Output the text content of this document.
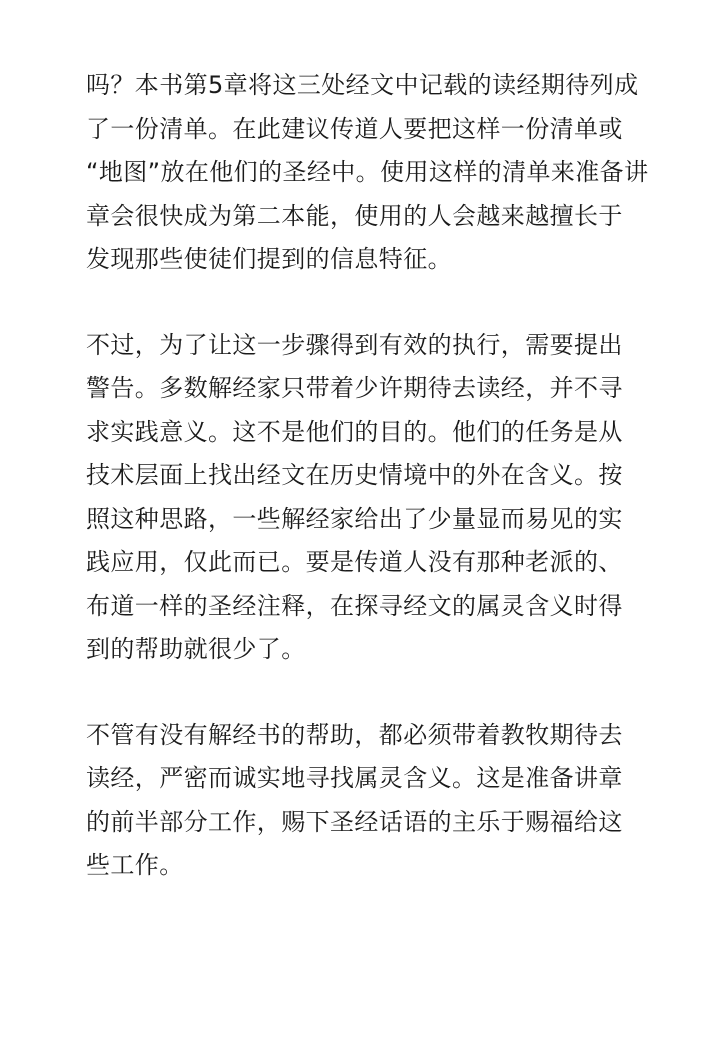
吗？本书第5章将这三处经文中记载的读经期待列成
了一份清单。在此建议传道人要把这样一份清单或
“地图”放在他们的圣经中。使用这样的清单来准备讲
章会很快成为第二本能，使用的人会越来越擅长于
发现那些使徒们提到的信息特征。
不过，为了让这一步骤得到有效的执行，需要提出
警告。多数解经家只带着少许期待去读经，并不寻
求实践意义。这不是他们的目的。他们的任务是从
技术层面上找出经文在历史情境中的外在含义。按
照这种思路，一些解经家给出了少量显而易见的实
践应用，仅此而已。要是传道人没有那种老派的、
布道一样的圣经注释，在探寻经文的属灵含义时得
到的帮助就很少了。
不管有没有解经书的帮助，都必须带着教牧期待去
读经，严密而诚实地寻找属灵含义。这是准备讲章
的前半部分工作，赐下圣经话语的主乐于赐福给这
些工作。
